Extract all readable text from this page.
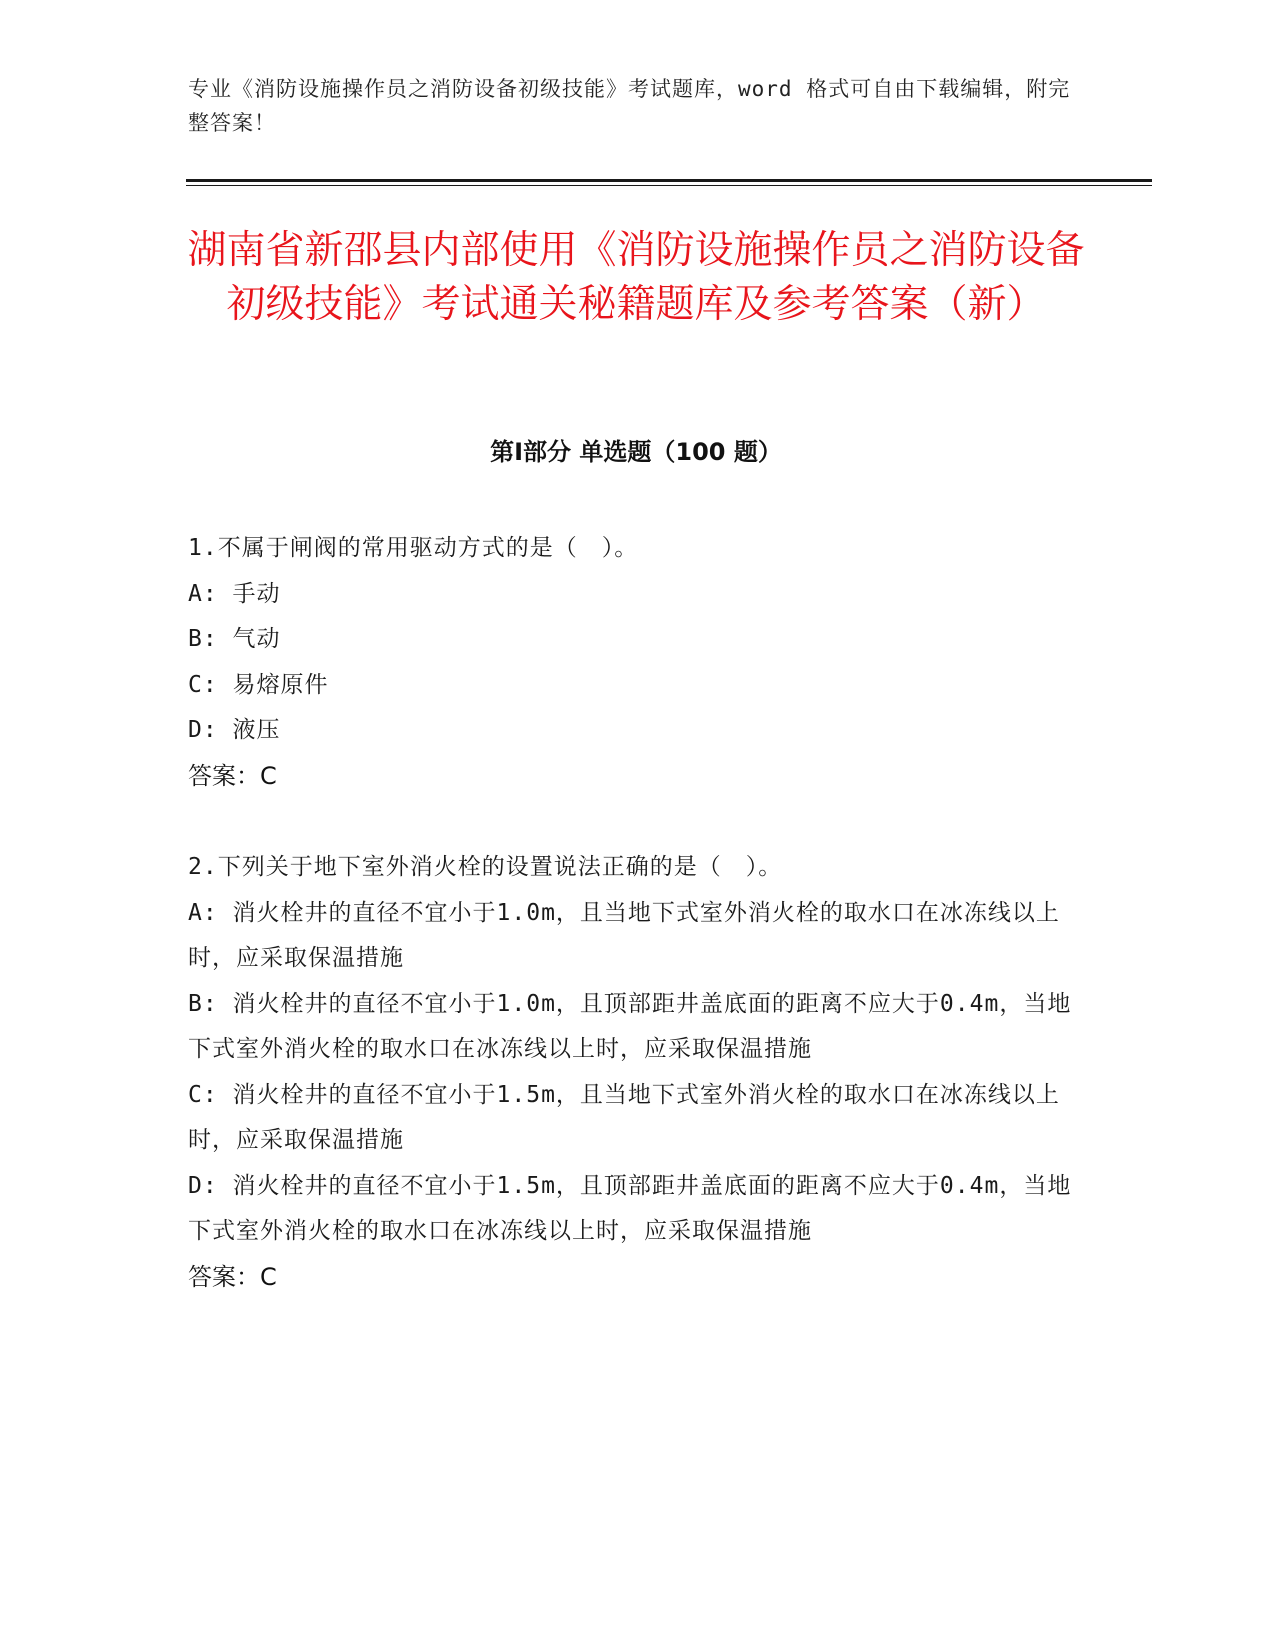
专业《消防设施操作员之消防设备初级技能》考试题库，word 格式可自由下载编辑，附完整答案！
湖南省新邵县内部使用《消防设施操作员之消防设备初级技能》考试通关秘籍题库及参考答案（新）
第Ⅰ部分 单选题（100 题）

1.不属于闸阀的常用驱动方式的是（　）。

A: 手动

B: 气动

C: 易熔原件

D: 液压

答案：C

2.下列关于地下室外消火栓的设置说法正确的是（　）。

A: 消火栓井的直径不宜小于1.0m，且当地下式室外消火栓的取水口在冰冻线以上时，应采取保温措施

B: 消火栓井的直径不宜小于1.0m，且顶部距井盖底面的距离不应大于0.4m，当地下式室外消火栓的取水口在冰冻线以上时，应采取保温措施

C: 消火栓井的直径不宜小于1.5m，且当地下式室外消火栓的取水口在冰冻线以上时，应采取保温措施

D: 消火栓井的直径不宜小于1.5m，且顶部距井盖底面的距离不应大于0.4m，当地下式室外消火栓的取水口在冰冻线以上时，应采取保温措施

答案：C
